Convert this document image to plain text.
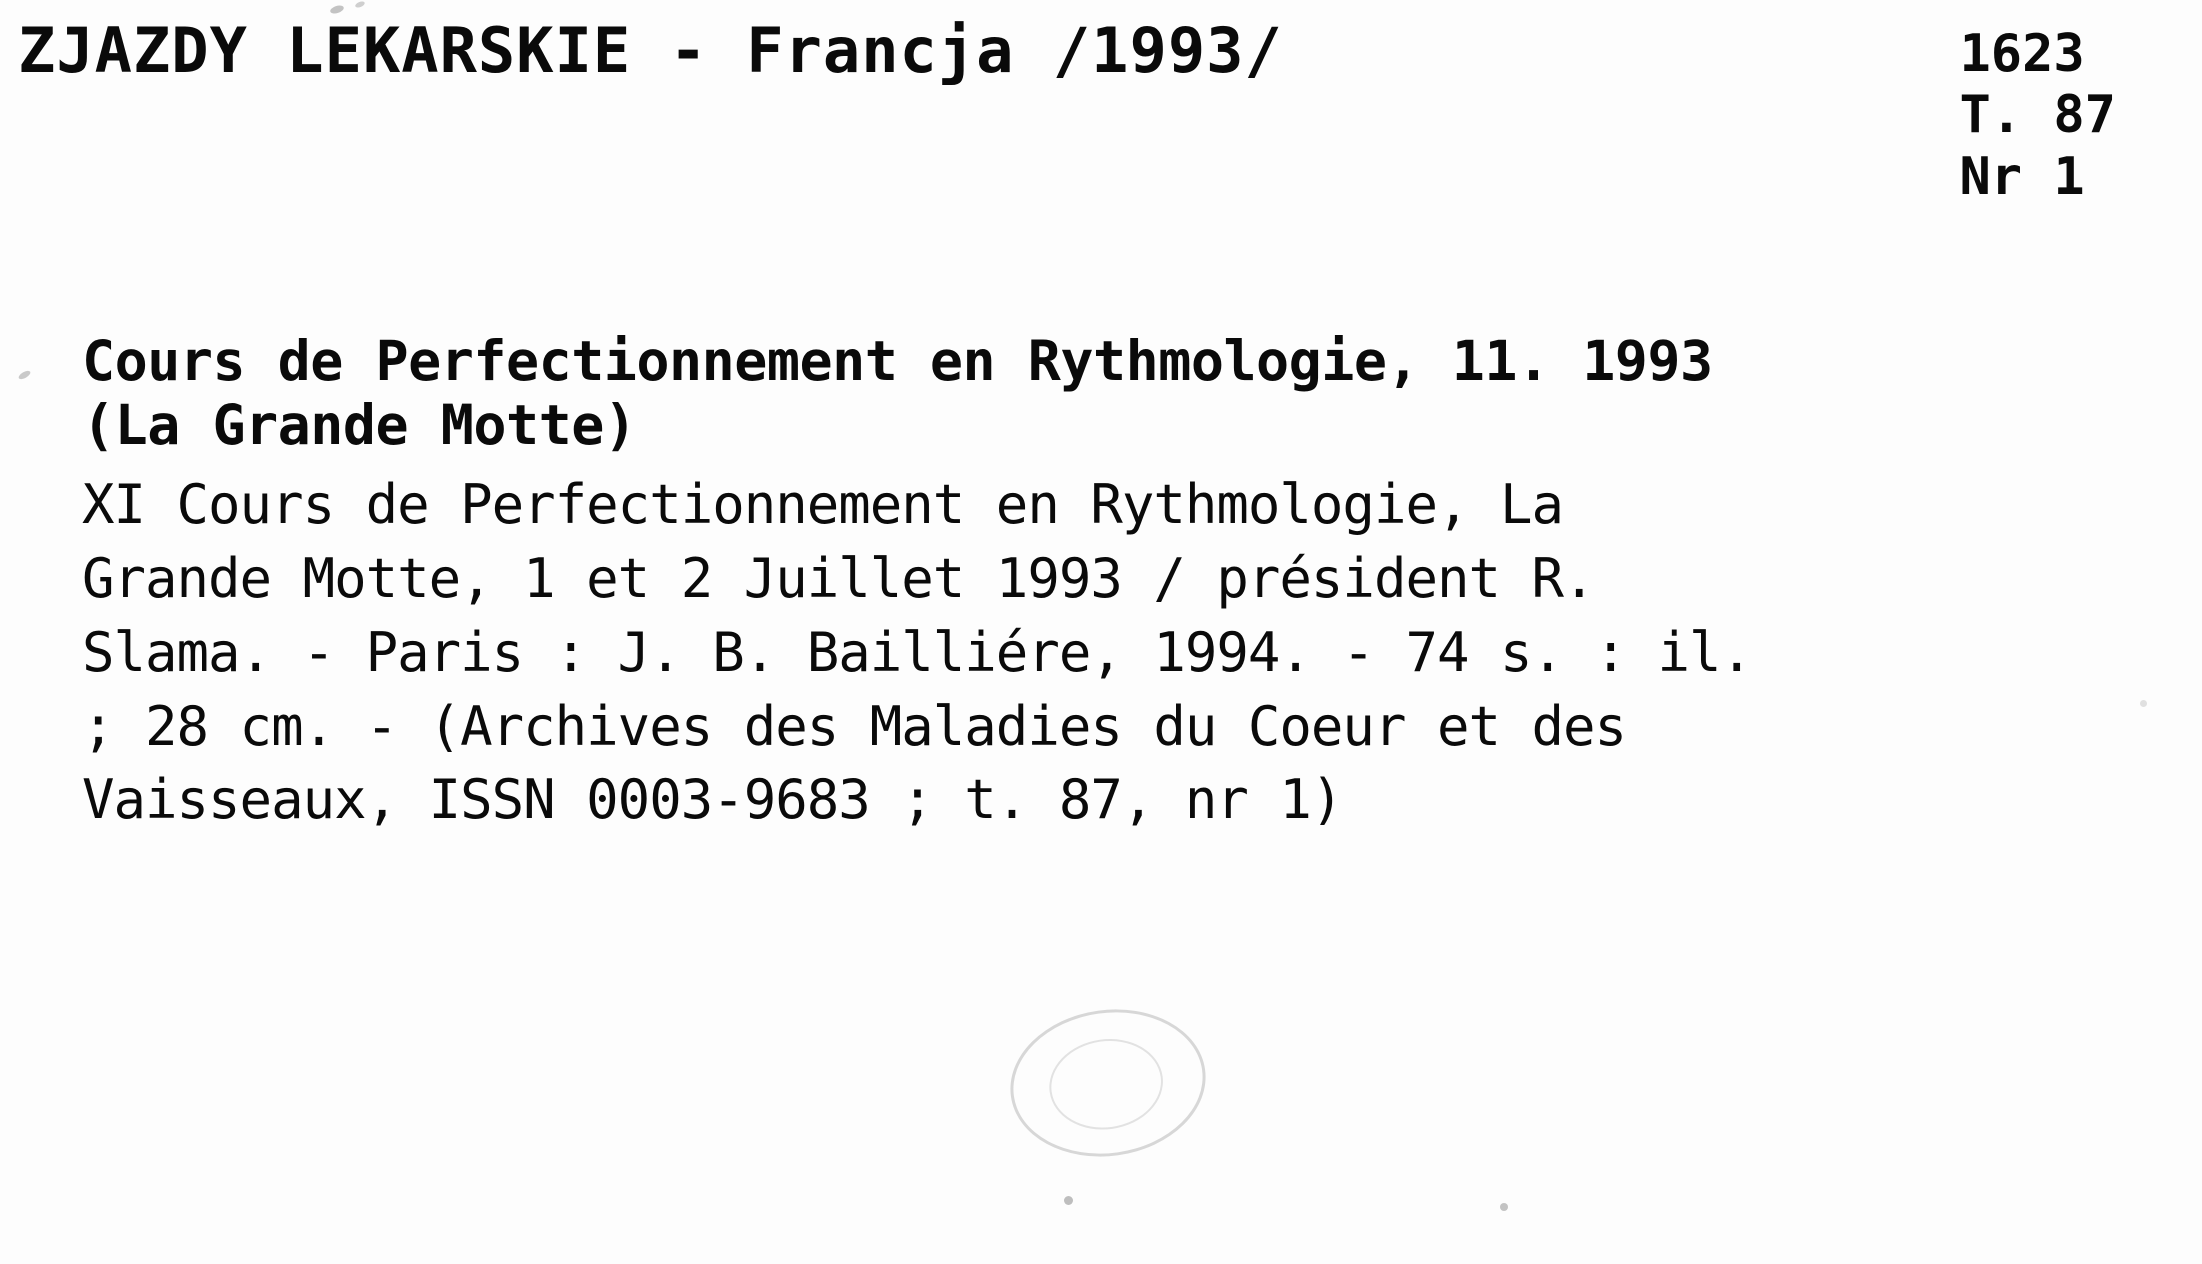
ZJAZDY LEKARSKIE - Francja /1993/	1623
T. 87
Nr 1
Cours de Perfectionnement en Rythmologie, 11. 1993
(La Grande Motte)
XI Cours de Perfectionnement en Rythmologie, La
Grande Motte, 1 et 2 Juillet 1993 / président R.
Slama. - Paris : J. B. Bailliére, 1994. - 74 s. : il.
; 28 cm. - (Archives des Maladies du Coeur et des
Vaisseaux, ISSN 0003-9683 ; t. 87, nr 1)
